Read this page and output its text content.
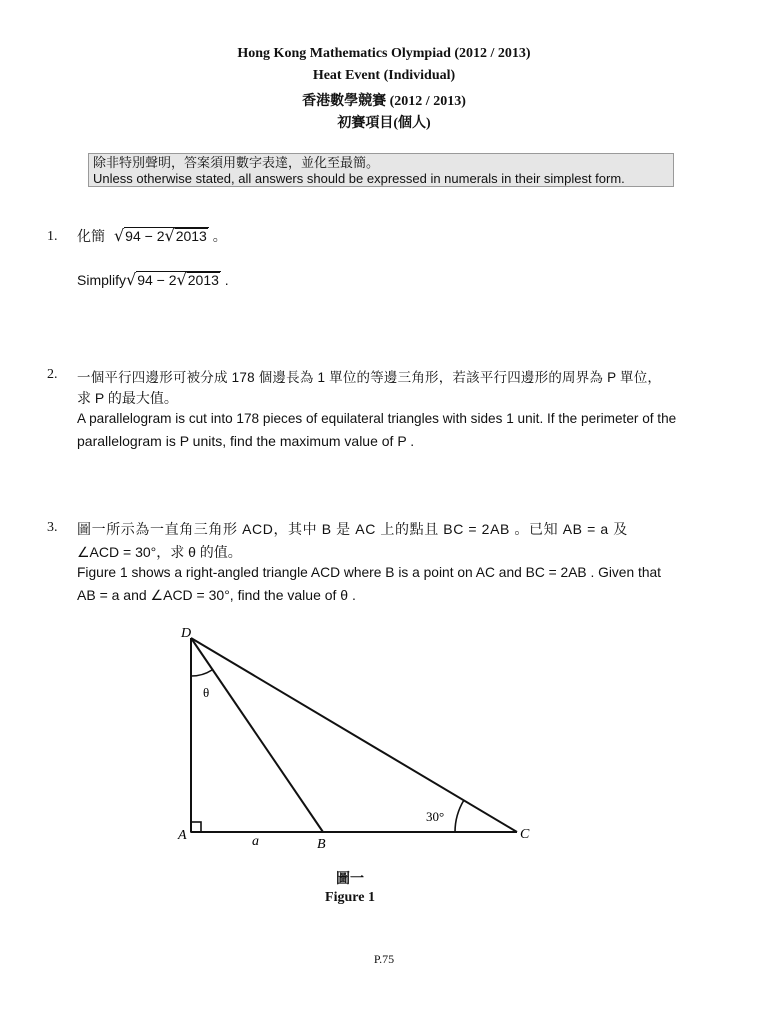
Hong Kong Mathematics Olympiad (2012 / 2013)
Heat Event (Individual)
香港數學競賽 (2012 / 2013)
初賽項目(個人)
除非特別聲明，答案須用數字表達，並化至最簡。
Unless otherwise stated, all answers should be expressed in numerals in their simplest form.
1. 化簡  √94 − 2√2013 。
Simplify√94 − 2√2013 .
2. 一個平行四邊形可被分成 178 個邊長為 1 單位的等邊三角形，若該平行四邊形的周界為 P 單位，
求 P 的最大值。
A parallelogram is cut into 178 pieces of equilateral triangles with sides 1 unit. If the perimeter of the
parallelogram is P units, find the maximum value of P .
3. 圖一所示為一直角三角形 ACD，其中 B 是 AC 上的點且 BC = 2AB 。已知 AB = a 及
∠ACD = 30°，求 θ 的值。
Figure 1 shows a right-angled triangle ACD where B is a point on AC and BC = 2AB . Given that
AB = a and ∠ACD = 30°, find the value of θ .
D
A
B
C
a
θ
30°
圖一
Figure 1
P.75
